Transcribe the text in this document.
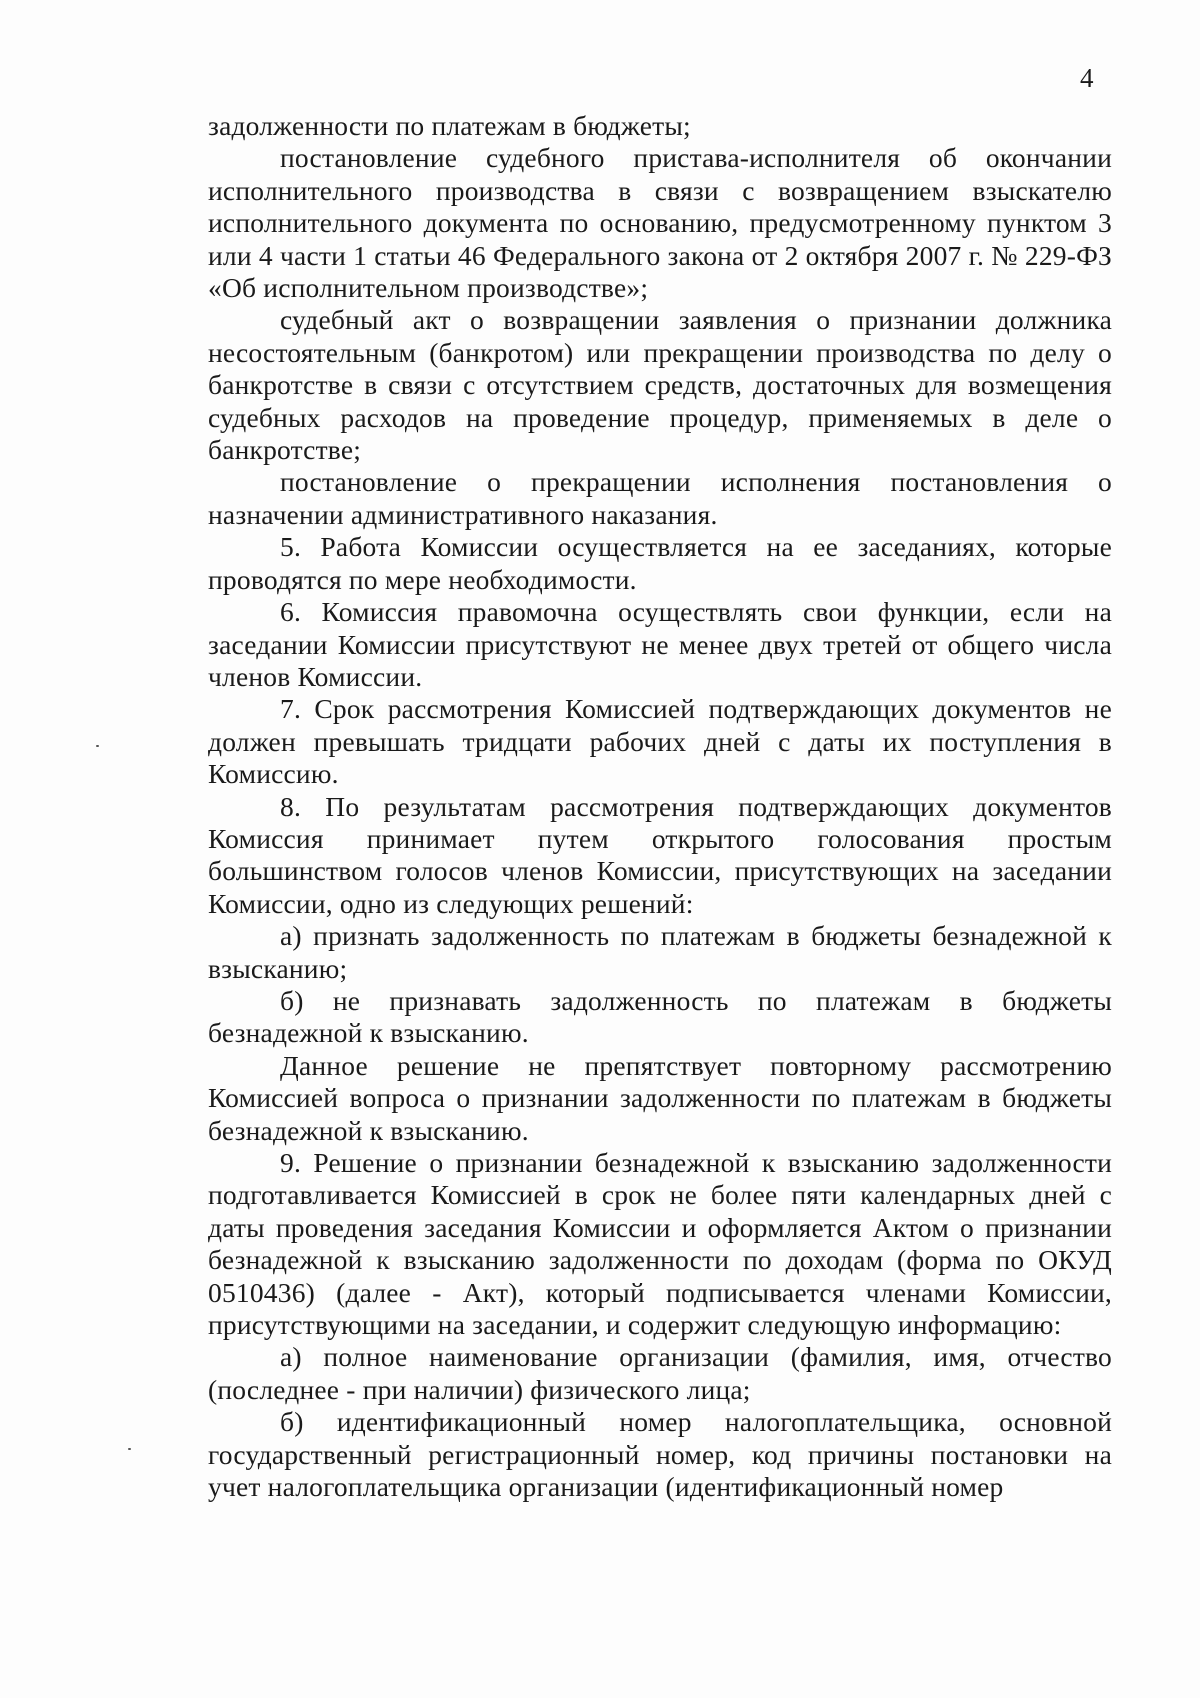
4

задолженности по платежам в бюджеты;

постановление судебного пристава-исполнителя об окончании исполнительного производства в связи с возвращением взыскателю исполнительного документа по основанию, предусмотренному пунктом 3 или 4 части 1 статьи 46 Федерального закона от 2 октября 2007 г. № 229-ФЗ «Об исполнительном производстве»;

судебный акт о возвращении заявления о признании должника несостоятельным (банкротом) или прекращении производства по делу о банкротстве в связи с отсутствием средств, достаточных для возмещения судебных расходов на проведение процедур, применяемых в деле о банкротстве;

постановление о прекращении исполнения постановления о назначении административного наказания.

5. Работа Комиссии осуществляется на ее заседаниях, которые проводятся по мере необходимости.

6. Комиссия правомочна осуществлять свои функции, если на заседании Комиссии присутствуют не менее двух третей от общего числа членов Комиссии.

7. Срок рассмотрения Комиссией подтверждающих документов не должен превышать тридцати рабочих дней с даты их поступления в Комиссию.

8. По результатам рассмотрения подтверждающих документов Комиссия принимает путем открытого голосования простым большинством голосов членов Комиссии, присутствующих на заседании Комиссии, одно из следующих решений:

а) признать задолженность по платежам в бюджеты безнадежной к взысканию;

б) не признавать задолженность по платежам в бюджеты безнадежной к взысканию.

Данное решение не препятствует повторному рассмотрению Комиссией вопроса о признании задолженности по платежам в бюджеты безнадежной к взысканию.

9. Решение о признании безнадежной к взысканию задолженности подготавливается Комиссией в срок не более пяти календарных дней с даты проведения заседания Комиссии и оформляется Актом о признании безнадежной к взысканию задолженности по доходам (форма по ОКУД 0510436) (далее - Акт), который подписывается членами Комиссии, присутствующими на заседании, и содержит следующую информацию:

а) полное наименование организации (фамилия, имя, отчество (последнее - при наличии) физического лица;

б) идентификационный номер налогоплательщика, основной государственный регистрационный номер, код причины постановки на учет налогоплательщика организации (идентификационный номер
